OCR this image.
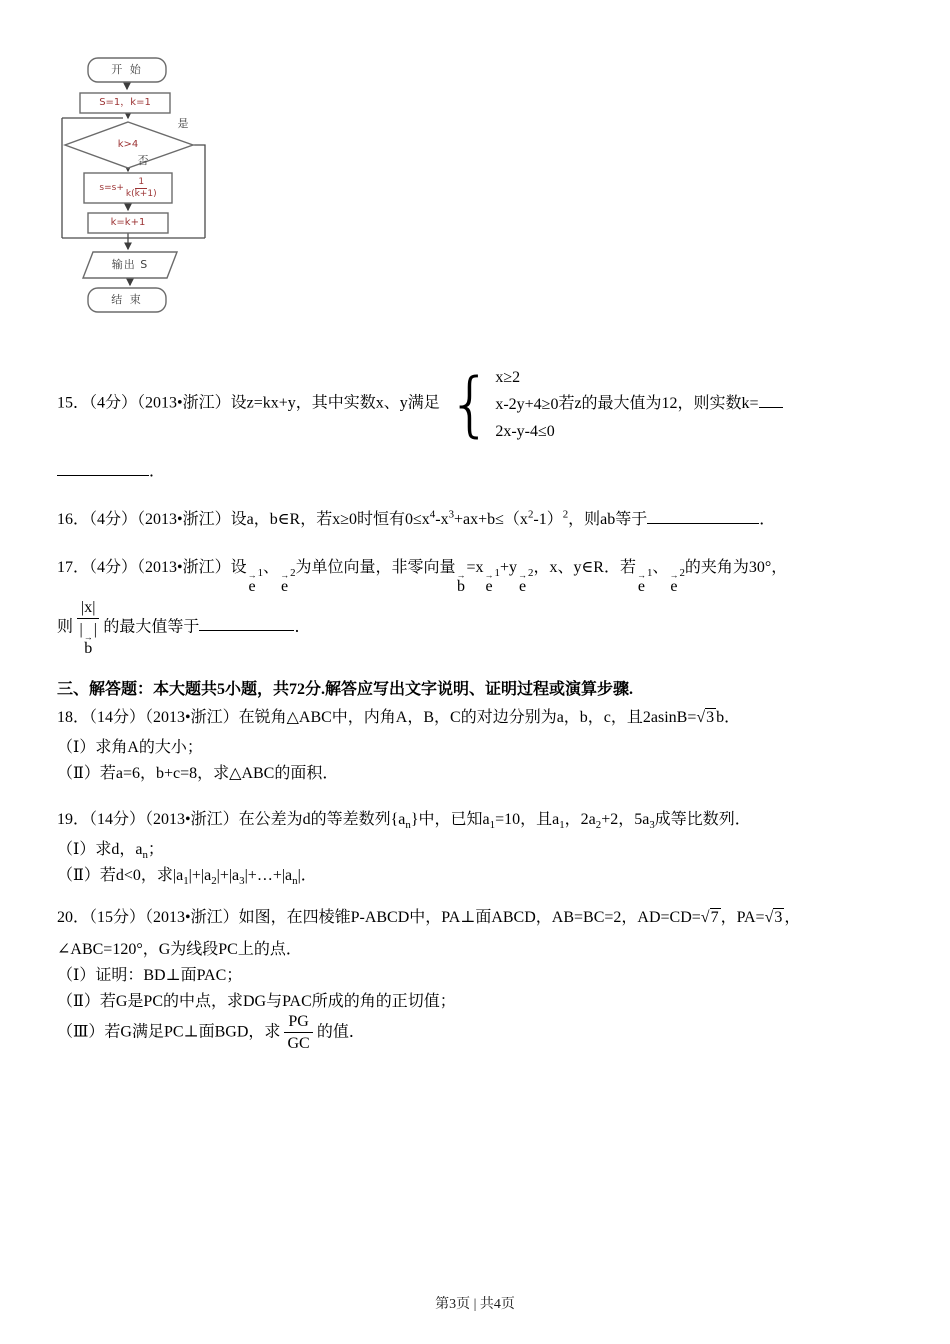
开 始
S=1，k=1
k>4
是
否
$s=s+ \frac{1}{k(k+1)}$
k=k+1
输出 S
结 束
15．（4分）（2013•浙江）设z=kx+y，其中实数x、y满足 { x≥2
x-2y+4≥0
2x-y-4≤0
若z的最大值为12，则实数k=
．
16．（4分）（2013•浙江）设a，b∈R，若x≥0时恒有$0\le x^4-x^3+ax+b\le(x^2-1)^2$，则ab等于	．
17．（4分）（2013•浙江）设 →
e
$_1$、 →
e
$_2$为单位向量，非零向量 →
b
=x →
e
$_1$+y →
e
$_2$，x、y∈R．若 →
e
$_1$、 →
e
$_2$的夹角为30°，
则 |x|
| →
b
| 的最大值等于	．
三、解答题：本大题共5小题，共72分.解答应写出文字说明、证明过程或演算步骤.
18．（14分）（2013•浙江）在锐角△ABC中，内角A，B，C的对边分别为a，b，c，且2asinB=√3 b．
（Ⅰ）求角A的大小；
（Ⅱ）若a=6，b+c=8，求△ABC的面积．
19．（14分）（2013•浙江）在公差为d的等差数列$\{a_n\}$中，已知$a_1=10$，且$a_1$，$2a_2+2$，$5a_3$成等比数列．
（Ⅰ）求d，$a_n$；
（Ⅱ）若d<0，求$|a_1|+|a_2|+|a_3|+\dots+|a_n|$．
20．（15分）（2013•浙江）如图，在四棱锥P-ABCD中，PA⊥面ABCD，AB=BC=2，AD=CD=√7 ，PA=√3 ，
∠ABC=120°，G为线段PC上的点．
（Ⅰ）证明：BD⊥面PAC；
（Ⅱ）若G是PC的中点，求DG与PAC所成的角的正切值；
（Ⅲ）若G满足PC⊥面BGD，求 $\frac{PG}{GC}$ 的值．
第3页 | 共4页
